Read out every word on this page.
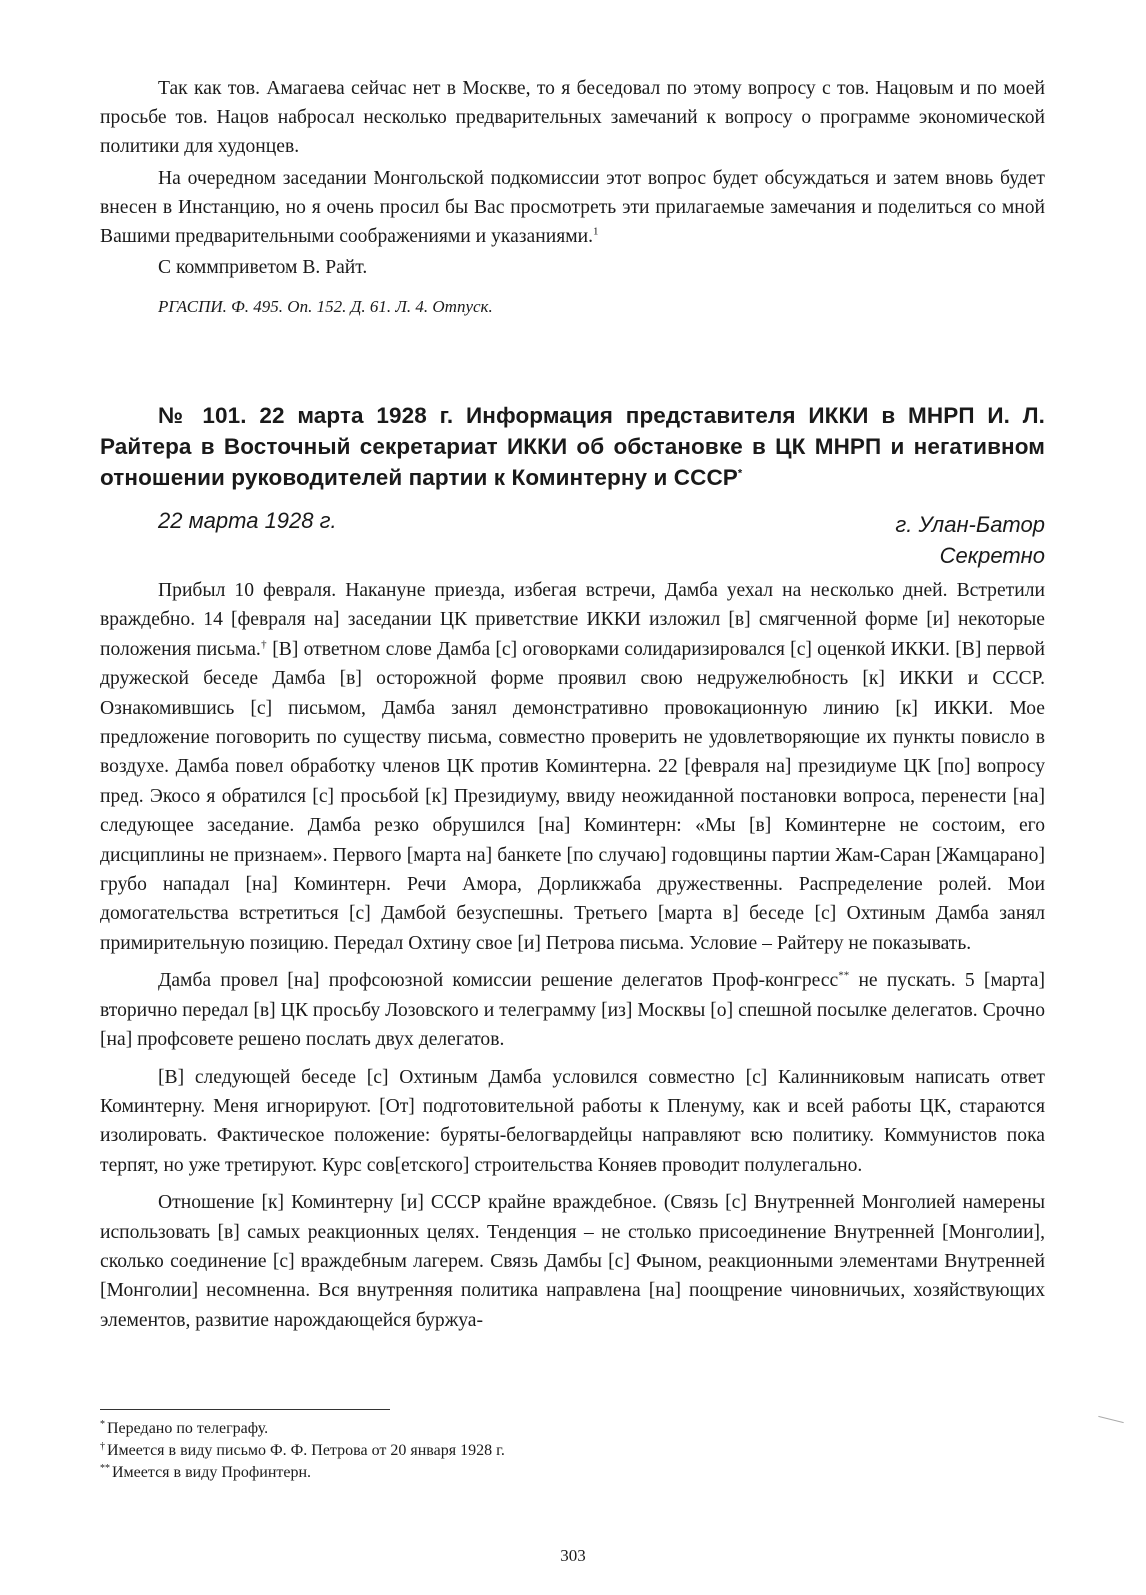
Так как тов. Амагаева сейчас нет в Москве, то я беседовал по этому вопросу с тов. Нацовым и по моей просьбе тов. Нацов набросал несколько предварительных замечаний к вопросу о программе экономической политики для худонцев.

На очередном заседании Монгольской подкомиссии этот вопрос будет обсуждаться и затем вновь будет внесен в Инстанцию, но я очень просил бы Вас просмотреть эти прилагаемые замечания и поделиться со мной Вашими предварительными соображениями и указаниями.$^1$

С коммприветом В. Райт.

РГАСПИ. Ф. 495. Оп. 152. Д. 61. Л. 4. Отпуск.

№ 101. 22 марта 1928 г. Информация представителя ИККИ в МНРП И. Л. Райтера в Восточный секретариат ИККИ об обстановке в ЦК МНРП и негативном отношении руководителей партии к Коминтерну и СССР*

22 марта 1928 г.	г. Улан-Батор
Секретно

Прибыл 10 февраля. Накануне приезда, избегая встречи, Дамба уехал на несколько дней. Встретили враждебно. 14 [февраля на] заседании ЦК приветствие ИККИ изложил [в] смягченной форме [и] некоторые положения письма.† [В] ответном слове Дамба [с] оговорками солидаризировался [с] оценкой ИККИ. [В] первой дружеской беседе Дамба [в] осторожной форме проявил свою недружелюбность [к] ИККИ и СССР. Ознакомившись [с] письмом, Дамба занял демонстративно провокационную линию [к] ИККИ. Мое предложение поговорить по существу письма, совместно проверить не удовлетворяющие их пункты повисло в воздухе. Дамба повел обработку членов ЦК против Коминтерна. 22 [февраля на] президиуме ЦК [по] вопросу пред. Экосо я обратился [с] просьбой [к] Президиуму, ввиду неожиданной постановки вопроса, перенести [на] следующее заседание. Дамба резко обрушился [на] Коминтерн: «Мы [в] Коминтерне не состоим, его дисциплины не признаем». Первого [марта на] банкете [по случаю] годовщины партии Жам-Саран [Жамцарано] грубо нападал [на] Коминтерн. Речи Амора, Дорликжаба дружественны. Распределение ролей. Мои домогательства встретиться [с] Дамбой безуспешны. Третьего [марта в] беседе [с] Охтиным Дамба занял примирительную позицию. Передал Охтину свое [и] Петрова письма. Условие – Райтеру не показывать.

Дамба провел [на] профсоюзной комиссии решение делегатов Проф-конгресс** не пускать. 5 [марта] вторично передал [в] ЦК просьбу Лозовского и телеграмму [из] Москвы [о] спешной посылке делегатов. Срочно [на] профсовете решено послать двух делегатов.

[В] следующей беседе [с] Охтиным Дамба условился совместно [с] Калинниковым написать ответ Коминтерну. Меня игнорируют. [От] подготовительной работы к Пленуму, как и всей работы ЦК, стараются изолировать. Фактическое положение: буряты-белогвардейцы направляют всю политику. Коммунистов пока терпят, но уже третируют. Курс сов[етского] строительства Коняев проводит полулегально.

Отношение [к] Коминтерну [и] СССР крайне враждебное. (Связь [с] Внутренней Монголией намерены использовать [в] самых реакционных целях. Тенденция – не столько присоединение Внутренней [Монголии], сколько соединение [с] враждебным лагерем. Связь Дамбы [с] Фыном, реакционными элементами Внутренней [Монголии] несомненна. Вся внутренняя политика направлена [на] поощрение чиновничьих, хозяйствующих элементов, развитие нарождающейся буржуа-

* Передано по телеграфу.

† Имеется в виду письмо Ф. Ф. Петрова от 20 января 1928 г.

** Имеется в виду Профинтерн.

303
